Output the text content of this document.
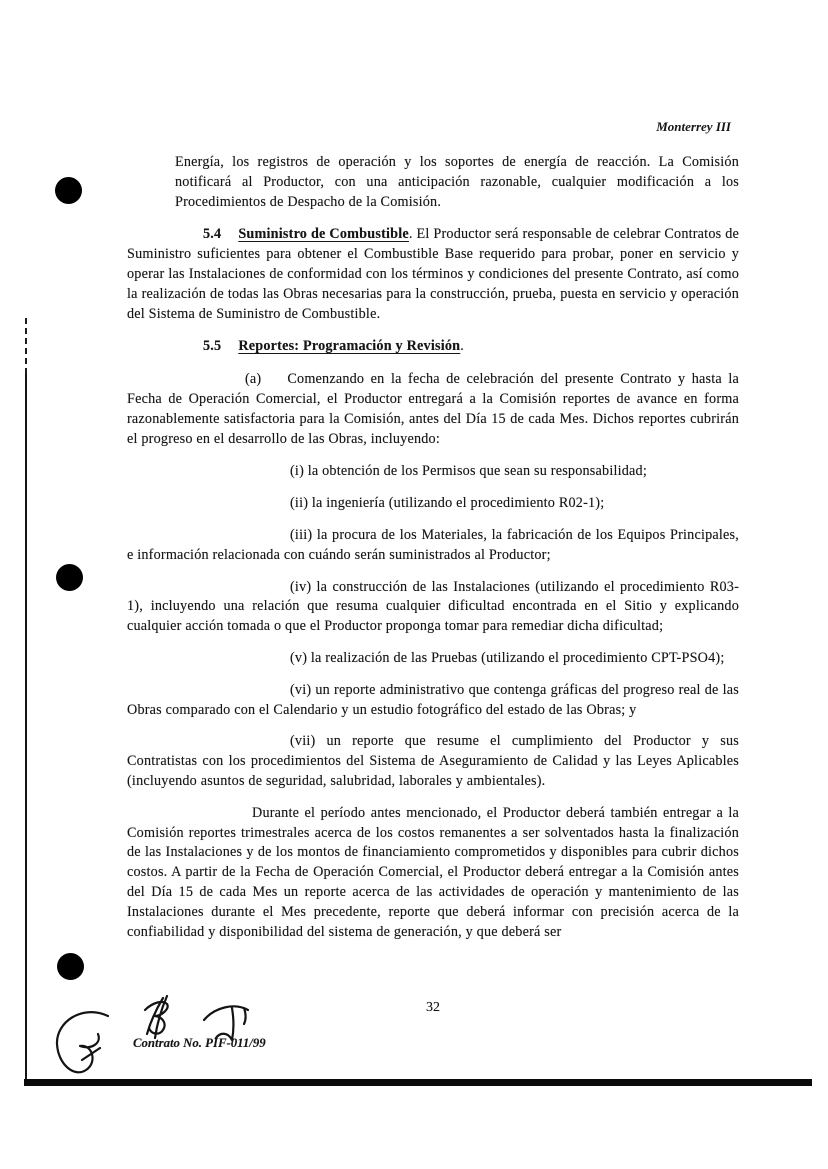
Monterrey III

Energía, los registros de operación y los soportes de energía de reacción. La Comisión notificará al Productor, con una anticipación razonable, cualquier modificación a los Procedimientos de Despacho de la Comisión.

5.4 Suministro de Combustible. El Productor será responsable de celebrar Contratos de Suministro suficientes para obtener el Combustible Base requerido para probar, poner en servicio y operar las Instalaciones de conformidad con los términos y condiciones del presente Contrato, así como la realización de todas las Obras necesarias para la construcción, prueba, puesta en servicio y operación del Sistema de Suministro de Combustible.

5.5 Reportes: Programación y Revisión.

(a) Comenzando en la fecha de celebración del presente Contrato y hasta la Fecha de Operación Comercial, el Productor entregará a la Comisión reportes de avance en forma razonablemente satisfactoria para la Comisión, antes del Día 15 de cada Mes. Dichos reportes cubrirán el progreso en el desarrollo de las Obras, incluyendo:

(i) la obtención de los Permisos que sean su responsabilidad;

(ii) la ingeniería (utilizando el procedimiento R02-1);

(iii) la procura de los Materiales, la fabricación de los Equipos Principales, e información relacionada con cuándo serán suministrados al Productor;

(iv) la construcción de las Instalaciones (utilizando el procedimiento R03-1), incluyendo una relación que resuma cualquier dificultad encontrada en el Sitio y explicando cualquier acción tomada o que el Productor proponga tomar para remediar dicha dificultad;

(v) la realización de las Pruebas (utilizando el procedimiento CPT-PSO4);

(vi) un reporte administrativo que contenga gráficas del progreso real de las Obras comparado con el Calendario y un estudio fotográfico del estado de las Obras; y

(vii) un reporte que resume el cumplimiento del Productor y sus Contratistas con los procedimientos del Sistema de Aseguramiento de Calidad y las Leyes Aplicables (incluyendo asuntos de seguridad, salubridad, laborales y ambientales).

Durante el período antes mencionado, el Productor deberá también entregar a la Comisión reportes trimestrales acerca de los costos remanentes a ser solventados hasta la finalización de las Instalaciones y de los montos de financiamiento comprometidos y disponibles para cubrir dichos costos. A partir de la Fecha de Operación Comercial, el Productor deberá entregar a la Comisión antes del Día 15 de cada Mes un reporte acerca de las actividades de operación y mantenimiento de las Instalaciones durante el Mes precedente, reporte que deberá informar con precisión acerca de la confiabilidad y disponibilidad del sistema de generación, y que deberá ser

32
Contrato No. PIF-011/99
